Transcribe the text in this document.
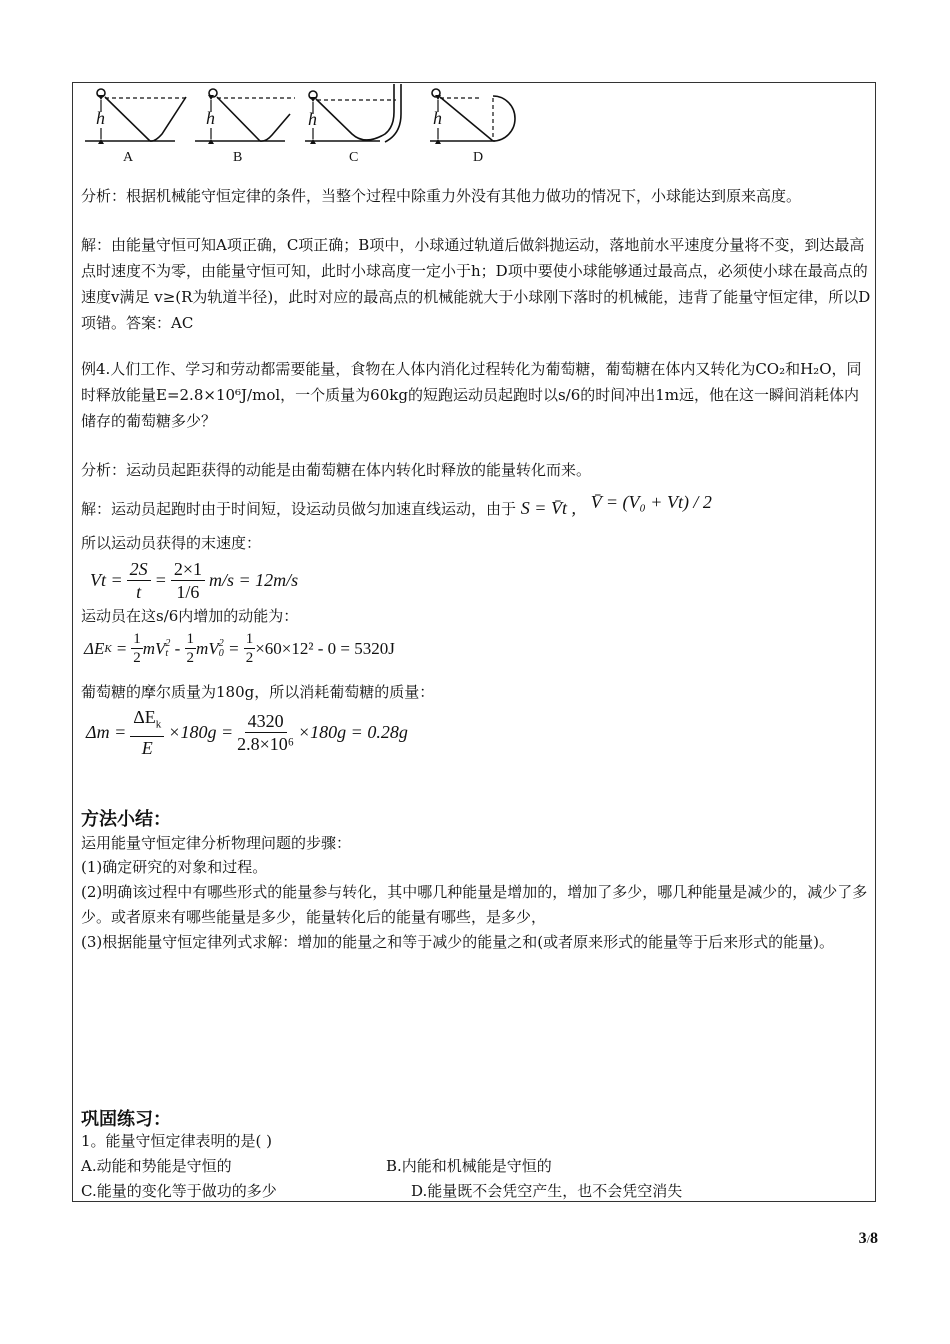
h	h	h	h
A	B	C	D
分析：根据机械能守恒定律的条件，当整个过程中除重力外没有其他力做功的情况下，小球能达到原来高度。
解：由能量守恒可知A项正确，C项正确；B项中，小球通过轨道后做斜抛运动，落地前水平速度分量将不变，到达最高点时速度不为零，由能量守恒可知，此时小球高度一定小于h；D项中要使小球能够通过最高点，必须使小球在最高点的速度v满足 v≥(R为轨道半径)，此时对应的最高点的机械能就大于小球刚下落时的机械能，违背了能量守恒定律，所以D项错。答案：AC
例4.人们工作、学习和劳动都需要能量，食物在人体内消化过程转化为葡萄糖，葡萄糖在体内又转化为CO₂和H₂O，同时释放能量E=2.8×10⁶J/mol，一个质量为60kg的短跑运动员起跑时以s/6的时间冲出1m远，他在这一瞬间消耗体内储存的葡萄糖多少？
分析：运动员起距获得的动能是由葡萄糖在体内转化时释放的能量转化而来。
解：运动员起跑时由于时间短，设运动员做匀加速直线运动，由于 S = V̄t , V̄ = (V₀ + Vt) / 2
所以运动员获得的末速度：
$Vt = \frac{2S}{t} = \frac{2\times 1}{1/6} m/s = 12m/s$
运动员在这s/6内增加的动能为：
ΔE $K = \frac{1}{2}$ mV 2
t - 1
2
mV 2
$0 = \frac{1}{2} \times 60\times 12^2 - 0 = 5320J$
葡萄糖的摩尔质量为180g，所以消耗葡萄糖的质量：
Δm =
$\Delta E_k$
E
$\times 180g = \frac{4320}{\text{2.8×10⁶}} \times 180g = 0.28g$
方法小结：
运用能量守恒定律分析物理问题的步骤：
(1)确定研究的对象和过程。
(2)明确该过程中有哪些形式的能量参与转化，其中哪几种能量是增加的，增加了多少，哪几种能量是减少的，减少了多少。或者原来有哪些能量是多少，能量转化后的能量有哪些，是多少，
(3)根据能量守恒定律列式求解：增加的能量之和等于减少的能量之和(或者原来形式的能量等于后来形式的能量)。
巩固练习：
1。能量守恒定律表明的是( )
A.动能和势能是守恒的	B.内能和机械能是守恒的
C.能量的变化等于做功的多少	D.能量既不会凭空产生，也不会凭空消失
3/8
